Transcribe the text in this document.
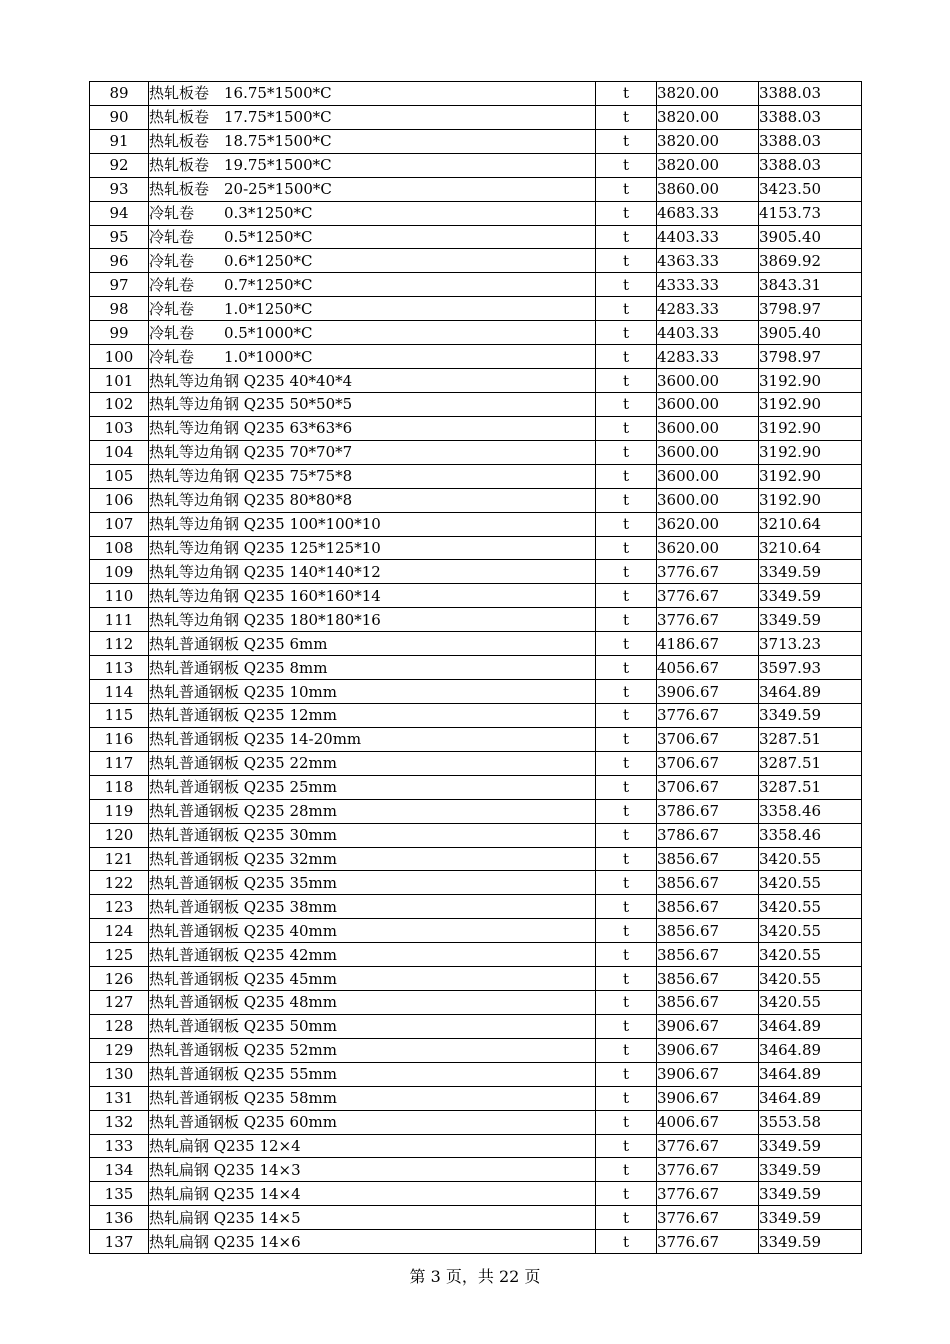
89	热轧板卷　16.75*1500*C	t	3820.00	3388.03
90	热轧板卷　17.75*1500*C	t	3820.00	3388.03
91	热轧板卷　18.75*1500*C	t	3820.00	3388.03
92	热轧板卷　19.75*1500*C	t	3820.00	3388.03
93	热轧板卷　20-25*1500*C	t	3860.00	3423.50
94	冷轧卷　　0.3*1250*C	t	4683.33	4153.73
95	冷轧卷　　0.5*1250*C	t	4403.33	3905.40
96	冷轧卷　　0.6*1250*C	t	4363.33	3869.92
97	冷轧卷　　0.7*1250*C	t	4333.33	3843.31
98	冷轧卷　　1.0*1250*C	t	4283.33	3798.97
99	冷轧卷　　0.5*1000*C	t	4403.33	3905.40
100	冷轧卷　　1.0*1000*C	t	4283.33	3798.97
101	热轧等边角钢 Q235 40*40*4	t	3600.00	3192.90
102	热轧等边角钢 Q235 50*50*5	t	3600.00	3192.90
103	热轧等边角钢 Q235 63*63*6	t	3600.00	3192.90
104	热轧等边角钢 Q235 70*70*7	t	3600.00	3192.90
105	热轧等边角钢 Q235 75*75*8	t	3600.00	3192.90
106	热轧等边角钢 Q235 80*80*8	t	3600.00	3192.90
107	热轧等边角钢 Q235 100*100*10	t	3620.00	3210.64
108	热轧等边角钢 Q235 125*125*10	t	3620.00	3210.64
109	热轧等边角钢 Q235 140*140*12	t	3776.67	3349.59
110	热轧等边角钢 Q235 160*160*14	t	3776.67	3349.59
111	热轧等边角钢 Q235 180*180*16	t	3776.67	3349.59
112	热轧普通钢板 Q235 6mm	t	4186.67	3713.23
113	热轧普通钢板 Q235 8mm	t	4056.67	3597.93
114	热轧普通钢板 Q235 10mm	t	3906.67	3464.89
115	热轧普通钢板 Q235 12mm	t	3776.67	3349.59
116	热轧普通钢板 Q235 14-20mm	t	3706.67	3287.51
117	热轧普通钢板 Q235 22mm	t	3706.67	3287.51
118	热轧普通钢板 Q235 25mm	t	3706.67	3287.51
119	热轧普通钢板 Q235 28mm	t	3786.67	3358.46
120	热轧普通钢板 Q235 30mm	t	3786.67	3358.46
121	热轧普通钢板 Q235 32mm	t	3856.67	3420.55
122	热轧普通钢板 Q235 35mm	t	3856.67	3420.55
123	热轧普通钢板 Q235 38mm	t	3856.67	3420.55
124	热轧普通钢板 Q235 40mm	t	3856.67	3420.55
125	热轧普通钢板 Q235 42mm	t	3856.67	3420.55
126	热轧普通钢板 Q235 45mm	t	3856.67	3420.55
127	热轧普通钢板 Q235 48mm	t	3856.67	3420.55
128	热轧普通钢板 Q235 50mm	t	3906.67	3464.89
129	热轧普通钢板 Q235 52mm	t	3906.67	3464.89
130	热轧普通钢板 Q235 55mm	t	3906.67	3464.89
131	热轧普通钢板 Q235 58mm	t	3906.67	3464.89
132	热轧普通钢板 Q235 60mm	t	4006.67	3553.58
133	热轧扁钢 Q235 12×4	t	3776.67	3349.59
134	热轧扁钢 Q235 14×3	t	3776.67	3349.59
135	热轧扁钢 Q235 14×4	t	3776.67	3349.59
136	热轧扁钢 Q235 14×5	t	3776.67	3349.59
137	热轧扁钢 Q235 14×6	t	3776.67	3349.59
第 3 页，共 22 页
